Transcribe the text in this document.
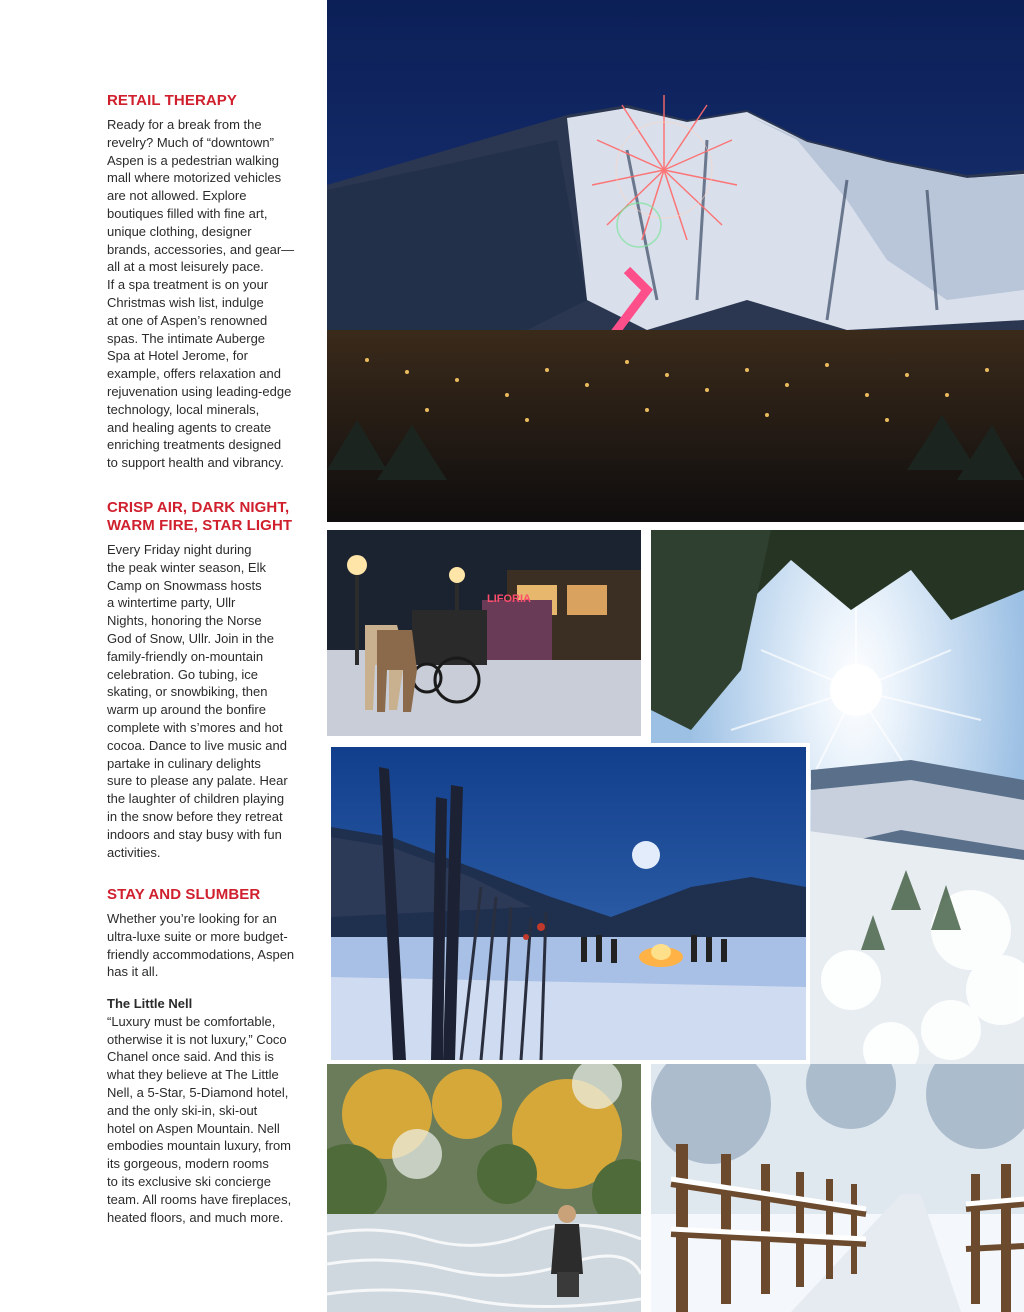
RETAIL THERAPY

Ready for a break from the
revelry? Much of “downtown”
Aspen is a pedestrian walking
mall where motorized vehicles
are not allowed. Explore
boutiques filled with fine art,
unique clothing, designer
brands, accessories, and gear—
all at a most leisurely pace.
If a spa treatment is on your
Christmas wish list, indulge
at one of Aspen’s renowned
spas. The intimate Auberge
Spa at Hotel Jerome, for
example, offers relaxation and
rejuvenation using leading-edge
technology, local minerals,
and healing agents to create
enriching treatments designed
to support health and vibrancy.

CRISP AIR, DARK NIGHT,
WARM FIRE, STAR LIGHT

Every Friday night during
the peak winter season, Elk
Camp on Snowmass hosts
a wintertime party, Ullr
Nights, honoring the Norse
God of Snow, Ullr. Join in the
family-friendly on-mountain
celebration. Go tubing, ice
skating, or snowbiking, then
warm up around the bonfire
complete with s’mores and hot
cocoa. Dance to live music and
partake in culinary delights
sure to please any palate. Hear
the laughter of children playing
in the snow before they retreat
indoors and stay busy with fun
activities.

STAY AND SLUMBER

Whether you’re looking for an
ultra-luxe suite or more budget-
friendly accommodations, Aspen
has it all.

The Little Nell

“Luxury must be comfortable,
otherwise it is not luxury,” Coco
Chanel once said. And this is
what they believe at The Little
Nell, a 5-Star, 5-Diamond hotel,
and the only ski-in, ski-out
hotel on Aspen Mountain. Nell
embodies mountain luxury, from
its gorgeous, modern rooms
to its exclusive ski concierge
team. All rooms have fireplaces,
heated floors, and much more.

LIFORIA
